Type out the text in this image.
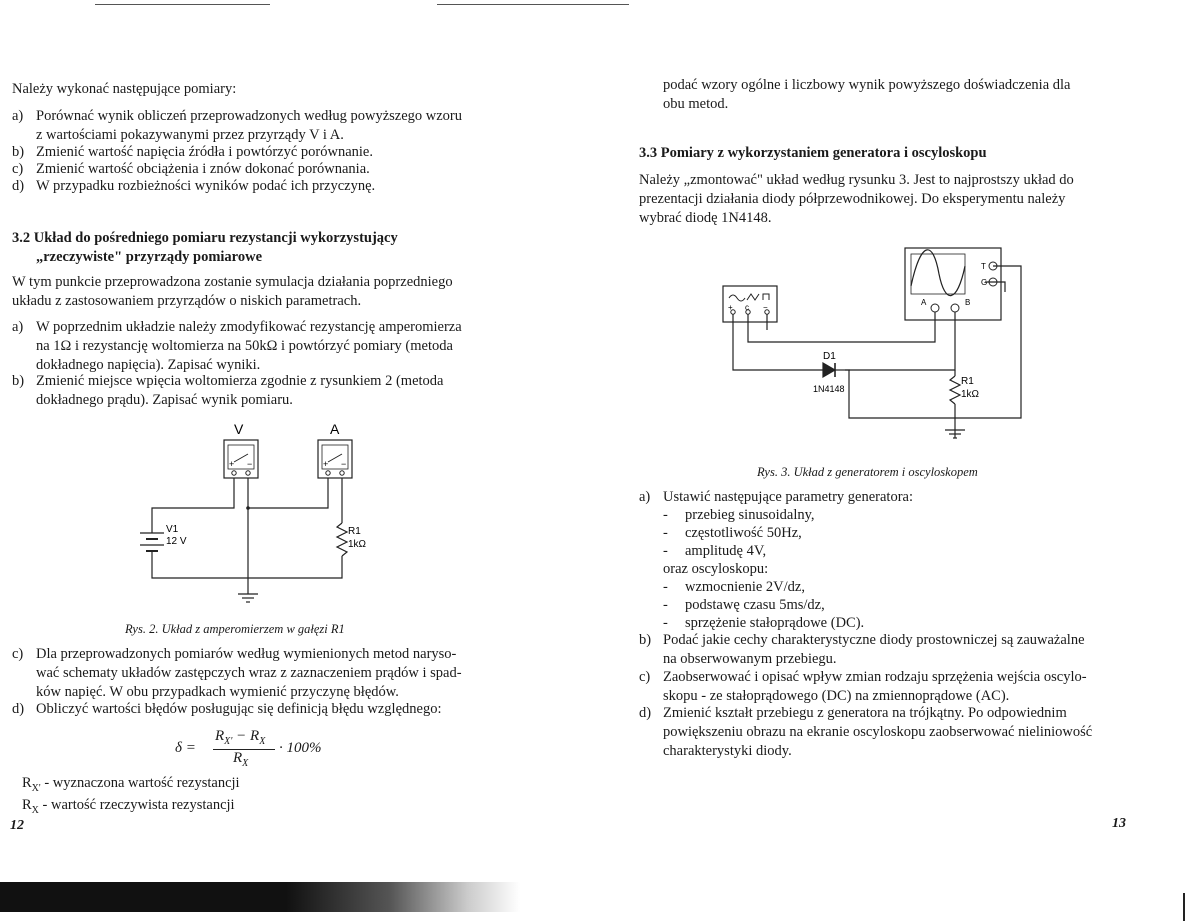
Należy wykonać następujące pomiary:
a) Porównać wynik obliczeń przeprowadzonych według powyższego wzoru
z wartościami pokazywanymi przez przyrządy V i A.
b) Zmienić wartość napięcia źródła i powtórzyć porównanie.
c) Zmienić wartość obciążenia i znów dokonać porównania.
d) W przypadku rozbieżności wyników podać ich przyczynę.
3.2 Układ do pośredniego pomiaru rezystancji wykorzystujący
„rzeczywiste" przyrządy pomiarowe
W tym punkcie przeprowadzona zostanie symulacja działania poprzedniego
układu z zastosowaniem przyrządów o niskich parametrach.
a) W poprzednim układzie należy zmodyfikować rezystancję amperomierza
na 1Ω i rezystancję woltomierza na 50kΩ i powtórzyć pomiary (metoda
dokładnego napięcia). Zapisać wyniki.
b) Zmienić miejsce wpięcia woltomierza zgodnie z rysunkiem 2 (metoda
dokładnego prądu). Zapisać wynik pomiaru.
V	A
+ −	+ −
V1
12 V
R1
1kΩ
Rys. 2. Układ z amperomierzem w gałęzi R1
c) Dla przeprowadzonych pomiarów według wymienionych metod naryso-
wać schematy układów zastępczych wraz z zaznaczeniem prądów i spad-
ków napięć. W obu przypadkach wymienić przyczynę błędów.
d) Obliczyć wartości błędów posługując się definicją błędu względnego:
δ =
$R_{X'} - R_X$
$R_X$
· 100%
$R_{X'}$ - wyznaczona wartość rezystancji
$R_X$ - wartość rzeczywista rezystancji
12
podać wzory ogólne i liczbowy wynik powyższego doświadczenia dla
obu metod.
3.3 Pomiary z wykorzystaniem generatora i oscyloskopu
Należy „zmontować" układ według rysunku 3. Jest to najprostszy układ do
prezentacji działania diody półprzewodnikowej. Do eksperymentu należy
wybrać diodę 1N4148.
+ c −
A	B
T
G
D1
1N4148
R1
1kΩ
Rys. 3. Układ z generatorem i oscyloskopem
a) Ustawić następujące parametry generatora:
- przebieg sinusoidalny,
- częstotliwość 50Hz,
- amplitudę 4V,
oraz oscyloskopu:
- wzmocnienie 2V/dz,
- podstawę czasu 5ms/dz,
- sprzężenie stałoprądowe (DC).
b) Podać jakie cechy charakterystyczne diody prostowniczej są zauważalne
na obserwowanym przebiegu.
c) Zaobserwować i opisać wpływ zmian rodzaju sprzężenia wejścia oscylo-
skopu - ze stałoprądowego (DC) na zmiennoprądowe (AC).
d) Zmienić kształt przebiegu z generatora na trójkątny. Po odpowiednim
powiększeniu obrazu na ekranie oscyloskopu zaobserwować nieliniowość
charakterystyki diody.
13
